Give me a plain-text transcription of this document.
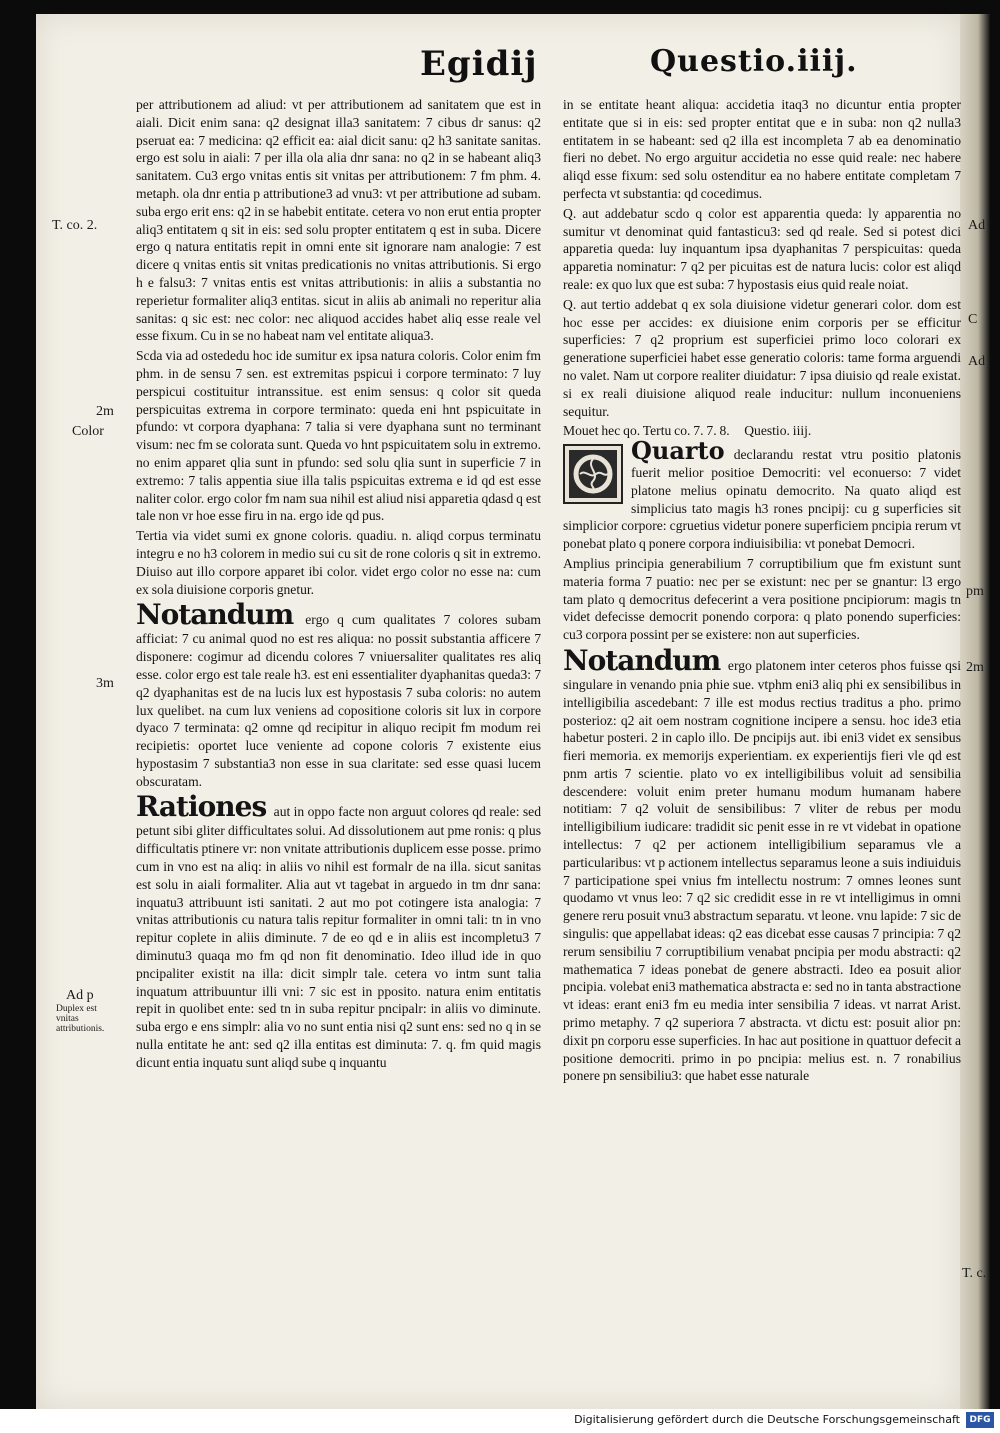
Egidij	Questio.iiij.

per attributionem ad aliud: vt per attributionem ad sanitatem que est in aiali. Dicit enim sana: q2 designat illa3 sanitatem: 7 cibus dr sanus: q2 pseruat ea: 7 medicina: q2 efficit ea: aial dicit sanu: q2 h3 sanitate sanitas. ergo est solu in aiali: 7 per illa ola alia dnr sana: no q2 in se habeant aliq3 sanitatem. Cu3 ergo vnitas entis sit vnitas per attributionem: 7 fm phm. 4. metaph. ola dnr entia p attributione3 ad vnu3: vt per attributione ad subam. suba ergo erit ens: q2 in se habebit entitate. cetera vo non erut entia propter aliq3 entitatem q sit in eis: sed solu propter entitatem q est in suba. Dicere ergo q natura entitatis repit in omni ente sit ignorare nam analogie: 7 est dicere q vnitas entis sit vnitas predicationis no vnitas attributionis. Si ergo h e falsu3: 7 vnitas entis est vnitas attributionis: in aliis a substantia no reperietur formaliter aliq3 entitas. sicut in aliis ab animali no reperitur alia sanitas: q sic est: nec color: nec aliquod accides habet aliq esse reale vel esse fixum. Cu in se no habeat nam vel entitate aliqua3.

Scda via ad ostededu hoc ide sumitur ex ipsa natura coloris. Color enim fm phm. in de sensu 7 sen. est extremitas pspicui i corpore terminato: 7 luy perspicui costituitur intranssitue. est enim sensus: q color sit queda perspicuitas extrema in corpore terminato: queda eni hnt pspicuitate in pfundo: vt corpora dyaphana: 7 talia si vere dyaphana sunt no terminant visum: nec fm se colorata sunt. Queda vo hnt pspicuitatem solu in extremo. no enim apparet qlia sunt in pfundo: sed solu qlia sunt in superficie 7 in extremo: 7 talis appentia siue illa talis pspicuitas extrema e id qd est esse naliter color. ergo color fm nam sua nihil est aliud nisi apparetia qdasd q est tale non vr hoe esse firu in na. ergo ide qd pus.

Tertia via videt sumi ex gnone coloris. quadiu. n. aliqd corpus terminatu integru e no h3 colorem in medio sui cu sit de rone coloris q sit in extremo. Diuiso aut illo corpore apparet ibi color. videt ergo color no esse na: cum ex sola diuisione corporis gnetur.

Notandum ergo q cum qualitates 7 colores subam afficiat: 7 cu animal quod no est res aliqua: no possit substantia afficere 7 disponere: cogimur ad dicendu colores 7 vniuersaliter qualitates res aliq esse. color ergo est tale reale h3. est eni essentialiter dyaphanitas queda3: 7 q2 dyaphanitas est de na lucis lux est hypostasis 7 suba coloris: no autem lux quelibet. na cum lux veniens ad copositione coloris sit lux in corpore dyaco 7 terminata: q2 omne qd recipitur in aliquo recipit fm modum rei recipietis: oportet luce veniente ad copone coloris 7 existente eius hypostasim 7 substantia3 non esse in sua claritate: sed esse quasi lucem obscuratam.

Rationes aut in oppo facte non arguut colores qd reale: sed petunt sibi gliter difficultates solui. Ad dissolutionem aut pme ronis: q plus difficultatis ptinere vr: non vnitate attributionis duplicem esse posse. primo cum in vno est na aliq: in aliis vo nihil est formalr de na illa. sicut sanitas est solu in aiali formaliter. Alia aut vt tagebat in arguedo in tm dnr sana: inquatu3 attribuunt isti sanitati. 2 aut mo pot cotingere ista analogia: 7 vnitas attributionis cu natura talis repitur formaliter in omni tali: tn in vno repitur coplete in aliis diminute. 7 de eo qd e in aliis est incompletu3 7 diminutu3 quaqa mo fm qd non fit denominatio. Ideo illud ide in quo pncipaliter existit na illa: dicit simplr tale. cetera vo intm sunt talia inquatum attribuuntur illi vni: 7 sic est in pposito. natura enim entitatis repit in quolibet ente: sed tn in suba repitur pncipalr: in aliis vo diminute. suba ergo e ens simplr: alia vo no sunt entia nisi q2 sunt ens: sed no q in se nulla entitate he ant: sed q2 illa entitas est diminuta: 7. q. fm quid magis dicunt entia inquatu sunt aliqd sube q inquantu

in se entitate heant aliqua: accidetia itaq3 no dicuntur entia propter entitate que si in eis: sed propter entitat que e in suba: non q2 nulla3 entitatem in se habeant: sed q2 illa est incompleta 7 ab ea denominatio fieri no debet. No ergo arguitur accidetia no esse quid reale: nec habere aliqd esse fixum: sed solu ostenditur ea no habere entitate completam 7 perfecta vt substantia: qd cocedimus.

Q. aut addebatur scdo q color est apparentia queda: ly apparentia no sumitur vt denominat quid fantasticu3: sed qd reale. Sed si potest dici apparetia queda: luy inquantum ipsa dyaphanitas 7 perspicuitas: queda apparetia nominatur: 7 q2 per picuitas est de natura lucis: color est aliqd reale: ex quo lux que est suba: 7 hypostasis eius quid reale noiat.

Q. aut tertio addebat q ex sola diuisione videtur generari color. dom est hoc esse per accides: ex diuisione enim corporis per se efficitur superficies: 7 q2 proprium est superficiei primo loco colorari ex generatione superficiei habet esse generatio coloris: tame forma arguendi no valet. Nam ut corpore realiter diuidatur: 7 ipsa diuisio qd reale existat. si ex reali diuisione aliquod reale inducitur: nullum inconueniens sequitur.

Mouet hec qo. Tertu co. 7. 7. 8. Questio. iiij.

Quarto declarandu restat vtru positio platonis fuerit melior positioe Democriti: vel econuerso: 7 videt platone melius opinatu democrito. Na quato aliqd est simplicius tato magis h3 rones pncipij: cu g superficies sit simplicior corpore: cgruetius videtur ponere superficiem pncipia rerum vt ponebat plato q ponere corpora indiuisibilia: vt ponebat Democri.

Amplius principia generabilium 7 corruptibilium que fm existunt sunt materia forma 7 puatio: nec per se existunt: nec per se gnantur: l3 ergo tam plato q democritus defecerint a vera positione pncipiorum: magis tn videt defecisse democrit ponendo corpora: q plato ponendo superficies: cu3 corpora possint per se existere: non aut superficies.

Notandum ergo platonem inter ceteros phos fuisse qsi singulare in venando pnia phie sue. vtphm eni3 aliq phi ex sensibilibus in intelligibilia ascedebant: 7 ille est modus rectius traditus a pho. primo posterioz: q2 ait oem nostram cognitione incipere a sensu. hoc ide3 etia habetur posteri. 2 in caplo illo. De pncipijs aut. ibi eni3 videt ex sensibus fieri memoria. ex memorijs experientiam. ex experientijs fieri vle qd est pnm artis 7 scientie. plato vo ex intelligibilibus voluit ad sensibilia descendere: voluit enim preter humanu modum humanam habere notitiam: 7 q2 voluit de sensibilibus: 7 vliter de rebus per modu intelligibilium iudicare: tradidit sic penit esse in re vt videbat in opatione intellectus: 7 q2 per actionem intelligibilium separamus vle a particularibus: vt p actionem intellectus separamus leone a suis indiuiduis 7 participatione spei vnius fm intellectu nostrum: 7 omnes leones sunt quodamo vt vnus leo: 7 q2 sic credidit esse in re vt intelligimus in omni genere reru posuit vnu3 abstractum separatu. vt leone. vnu lapide: 7 sic de singulis: que appellabat ideas: q2 eas dicebat esse causas 7 principia: 7 q2 rerum sensibiliu 7 corruptibilium venabat pncipia per modu abstracti: q2 mathematica 7 ideas ponebat de genere abstracti. Ideo ea posuit alior pncipia. volebat eni3 mathematica abstracta e: sed no in tanta abstractione vt ideas: erant eni3 fm eu media inter sensibilia 7 ideas. vt narrat Arist. primo metaphy. 7 q2 superiora 7 abstracta. vt dictu est: posuit alior pn: dixit pn corporu esse superficies. In hac aut positione in quattuor defecit a positione democriti. primo in po pncipia: melius est. n. 7 ronabilius ponere pn sensibiliu3: que habet esse naturale

T. co. 2.
2m
Color
3m
Ad p
Duplex est vnitas attributionis.
Ad
C
Ad
pm
2m
T. c.
Digitalisierung gefördert durch die Deutsche Forschungsgemeinschaft	DFG
